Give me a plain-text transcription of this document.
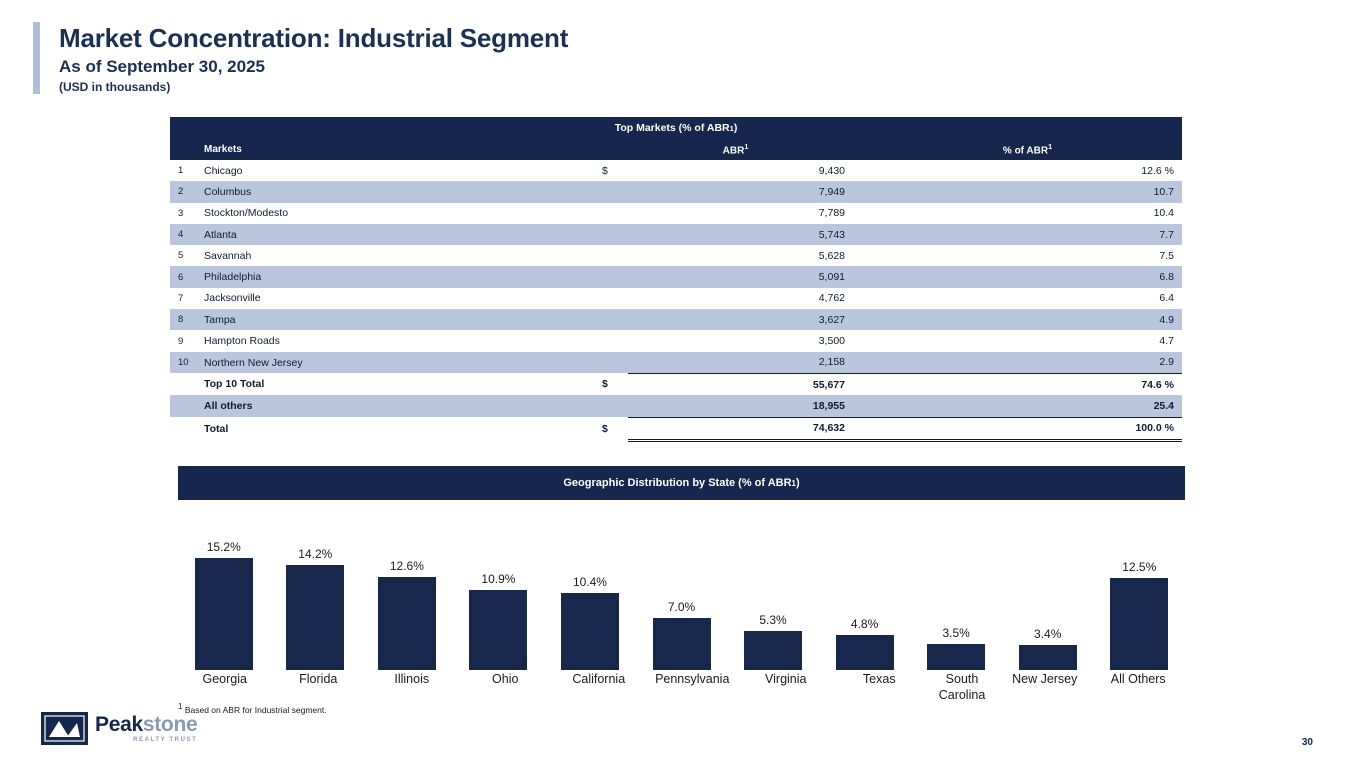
Market Concentration: Industrial Segment
As of September 30, 2025
(USD in thousands)
Top Markets (% of ABR 1 )
	Markets	ABR$^1$		% of ABR$^1$
1	Chicago	$	9,430	12.6 %
2	Columbus		7,949	10.7
3	Stockton/Modesto		7,789	10.4
4	Atlanta		5,743	7.7
5	Savannah		5,628	7.5
6	Philadelphia		5,091	6.8
7	Jacksonville		4,762	6.4
8	Tampa		3,627	4.9
9	Hampton Roads		3,500	4.7
10	Northern New Jersey		2,158	2.9
	Top 10 Total	$	55,677	74.6 %
	All others		18,955	25.4
	Total	$	74,632	100.0 %
Geographic Distribution by State (% of ABR 1 )
15.2%	14.2%
12.6%
10.9%	10.4%
7.0%
5.3%	4.8%
3.5%	3.4%
12.5%
Georgia	Florida	Illinois	Ohio	California	Pennsylvania	Virginia	Texas	South Carolina
New Jersey	All Others
$^1$ Based on ABR for Industrial segment.
Peakstone
REALTY TRUST	30
